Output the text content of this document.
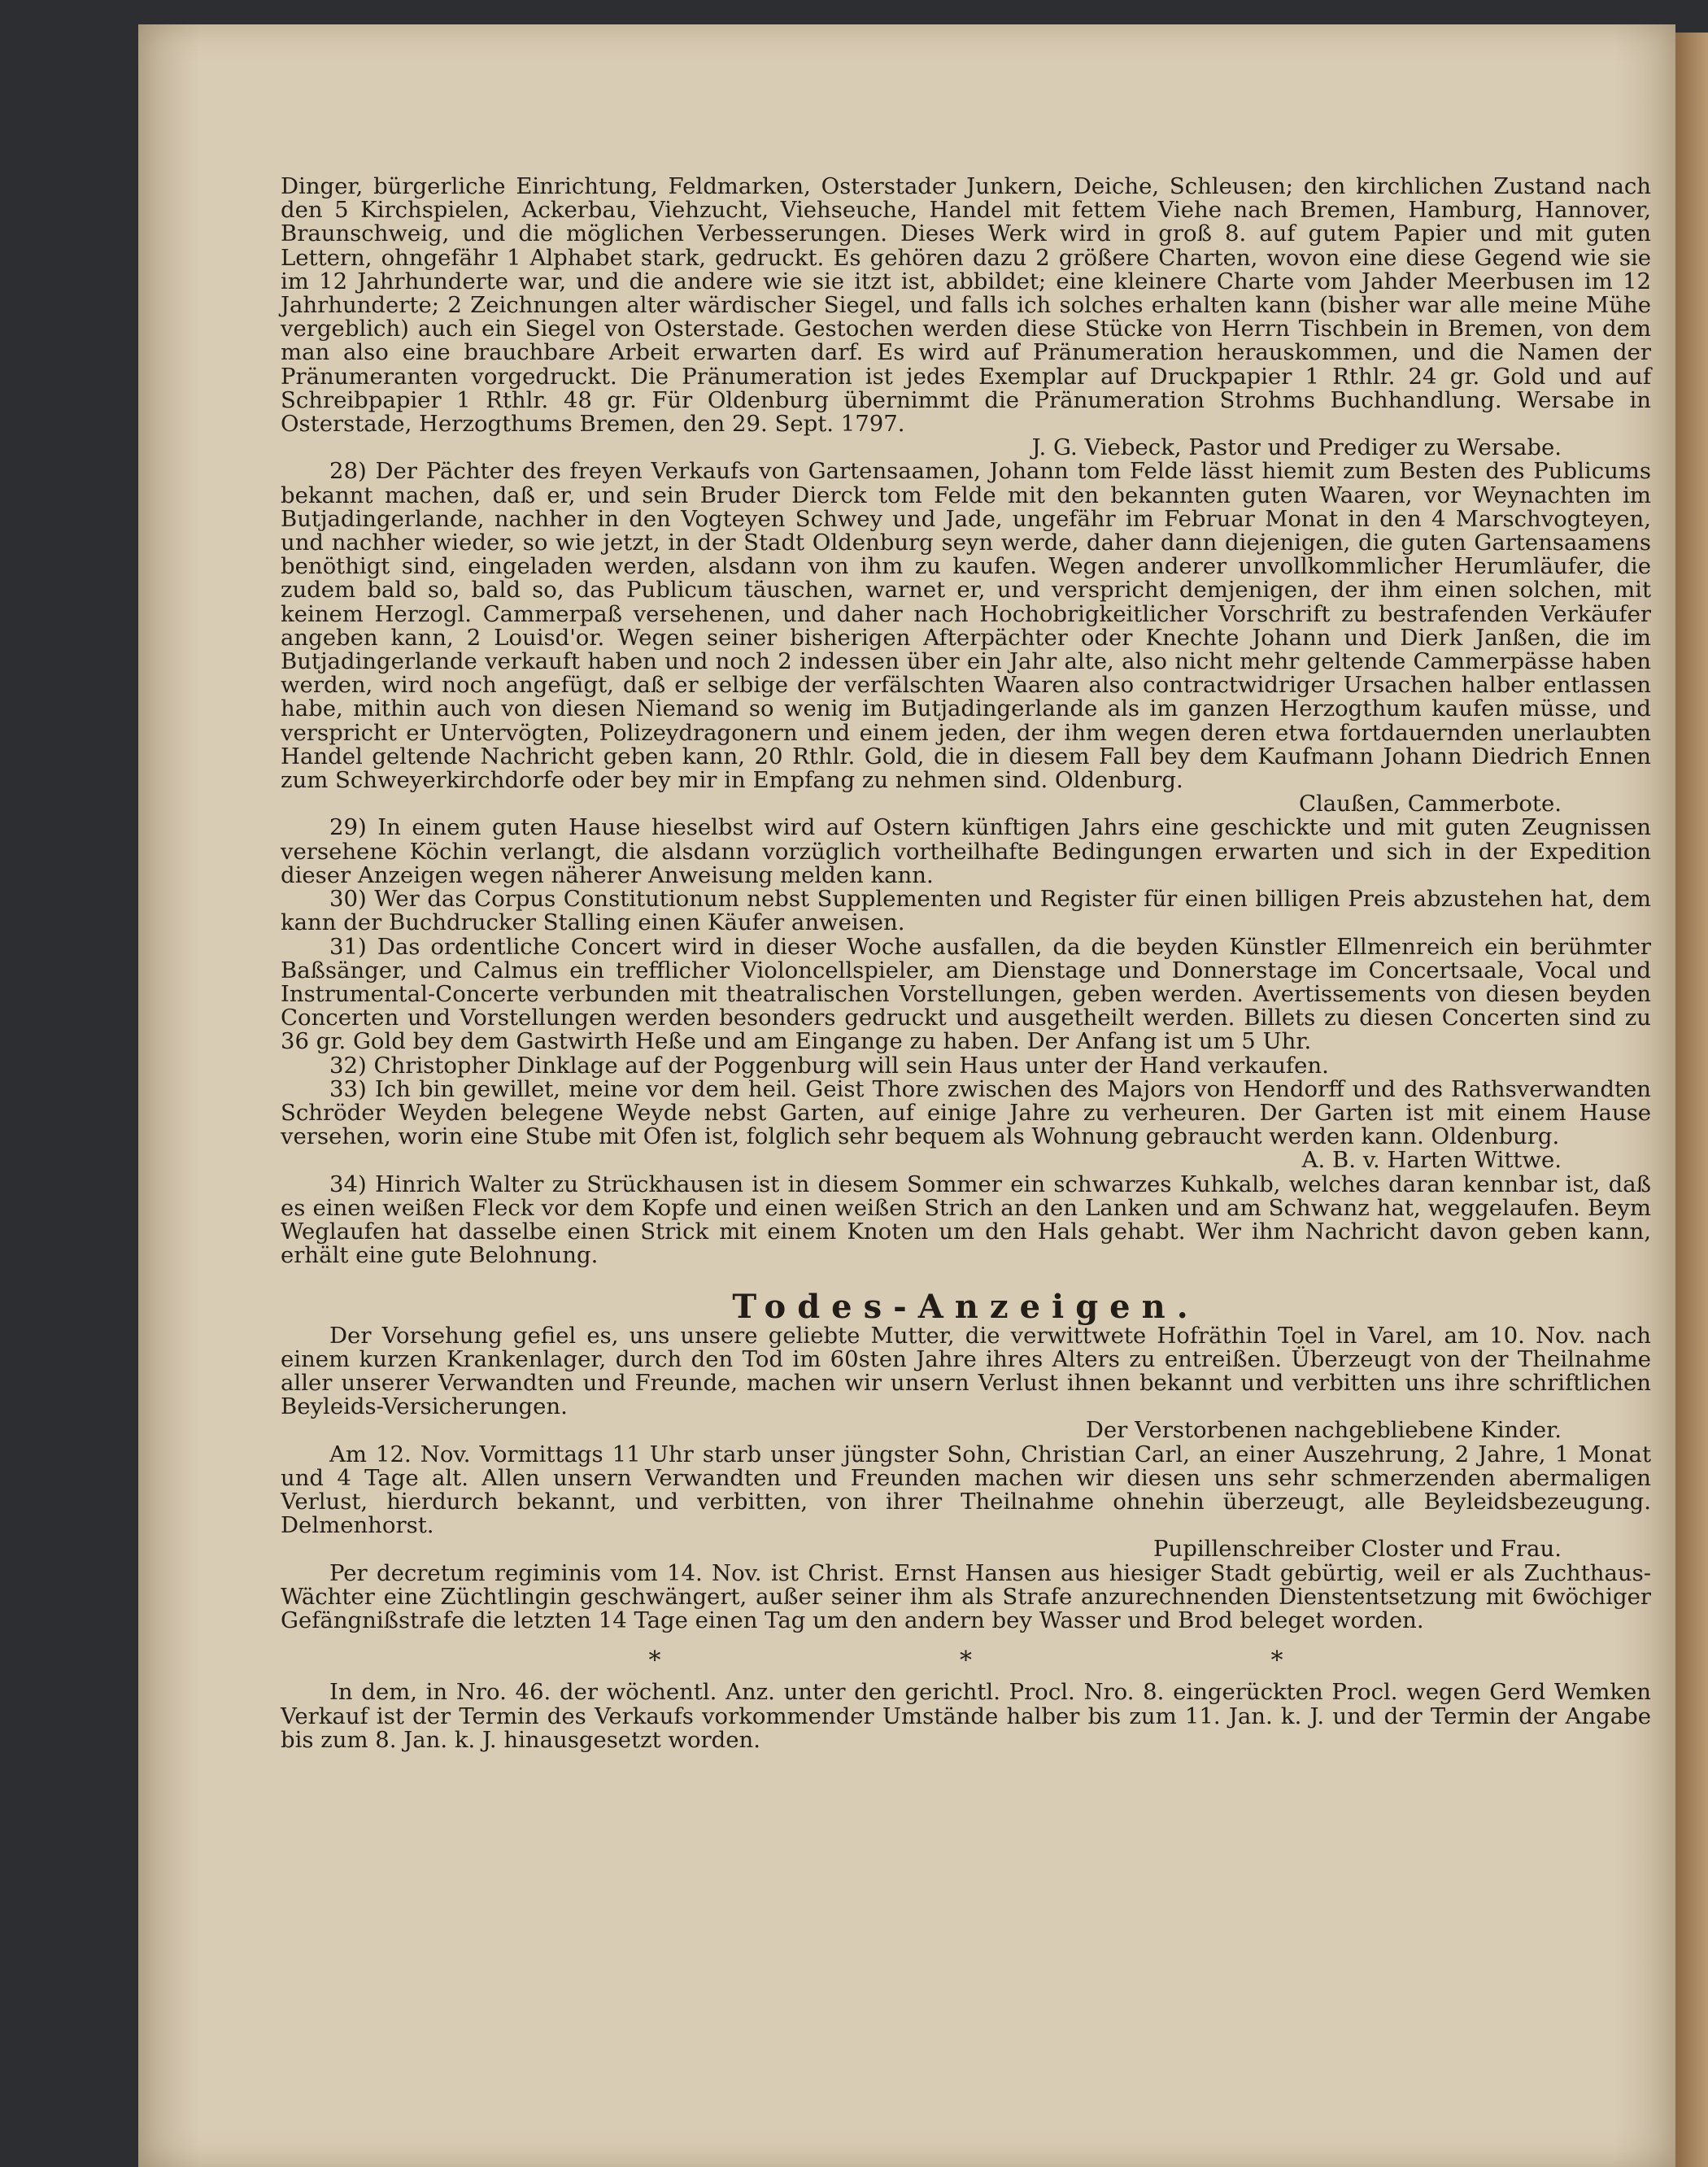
Dinger, bürgerliche Einrichtung, Feldmarken, Osterstader Junkern, Deiche, Schleusen; den kirchlichen Zustand nach den 5 Kirchspielen, Ackerbau, Viehzucht, Viehseuche, Handel mit fettem Viehe nach Bremen, Hamburg, Hannover, Braunschweig, und die möglichen Verbesserungen. Dieses Werk wird in groß 8. auf gutem Papier und mit guten Lettern, ohngefähr 1 Alphabet stark, gedruckt. Es gehören dazu 2 größere Charten, wovon eine diese Gegend wie sie im 12 Jahrhunderte war, und die andere wie sie itzt ist, abbildet; eine kleinere Charte vom Jahder Meerbusen im 12 Jahrhunderte; 2 Zeichnungen alter wärdischer Siegel, und falls ich solches erhalten kann (bisher war alle meine Mühe vergeblich) auch ein Siegel von Osterstade. Gestochen werden diese Stücke von Herrn Tischbein in Bremen, von dem man also eine brauchbare Arbeit erwarten darf. Es wird auf Pränumeration herauskommen, und die Namen der Pränumeranten vorgedruckt. Die Pränumeration ist jedes Exemplar auf Druckpapier 1 Rthlr. 24 gr. Gold und auf Schreibpapier 1 Rthlr. 48 gr. Für Oldenburg übernimmt die Pränumeration Strohms Buchhandlung. Wersabe in Osterstade, Herzogthums Bremen, den 29. Sept. 1797.

J. G. Viebeck, Pastor und Prediger zu Wersabe.

28) Der Pächter des freyen Verkaufs von Gartensaamen, Johann tom Felde lässt hiemit zum Besten des Publicums bekannt machen, daß er, und sein Bruder Dierck tom Felde mit den bekannten guten Waaren, vor Weynachten im Butjadingerlande, nachher in den Vogteyen Schwey und Jade, ungefähr im Februar Monat in den 4 Marschvogteyen, und nachher wieder, so wie jetzt, in der Stadt Oldenburg seyn werde, daher dann diejenigen, die guten Gartensaamens benöthigt sind, eingeladen werden, alsdann von ihm zu kaufen. Wegen anderer unvollkommlicher Herumläufer, die zudem bald so, bald so, das Publicum täuschen, warnet er, und verspricht demjenigen, der ihm einen solchen, mit keinem Herzogl. Cammerpaß versehenen, und daher nach Hochobrigkeitlicher Vorschrift zu bestrafenden Verkäufer angeben kann, 2 Louisd'or. Wegen seiner bisherigen Afterpächter oder Knechte Johann und Dierk Janßen, die im Butjadingerlande verkauft haben und noch 2 indessen über ein Jahr alte, also nicht mehr geltende Cammerpässe haben werden, wird noch angefügt, daß er selbige der verfälschten Waaren also contractwidriger Ursachen halber entlassen habe, mithin auch von diesen Niemand so wenig im Butjadingerlande als im ganzen Herzogthum kaufen müsse, und verspricht er Untervögten, Polizeydragonern und einem jeden, der ihm wegen deren etwa fortdauernden unerlaubten Handel geltende Nachricht geben kann, 20 Rthlr. Gold, die in diesem Fall bey dem Kaufmann Johann Diedrich Ennen zum Schweyerkirchdorfe oder bey mir in Empfang zu nehmen sind. Oldenburg.

Claußen, Cammerbote.

29) In einem guten Hause hieselbst wird auf Ostern künftigen Jahrs eine geschickte und mit guten Zeugnissen versehene Köchin verlangt, die alsdann vorzüglich vortheilhafte Bedingungen erwarten und sich in der Expedition dieser Anzeigen wegen näherer Anweisung melden kann.

30) Wer das Corpus Constitutionum nebst Supplementen und Register für einen billigen Preis abzustehen hat, dem kann der Buchdrucker Stalling einen Käufer anweisen.

31) Das ordentliche Concert wird in dieser Woche ausfallen, da die beyden Künstler Ellmenreich ein berühmter Baßsänger, und Calmus ein trefflicher Violoncellspieler, am Dienstage und Donnerstage im Concertsaale, Vocal und Instrumental-Concerte verbunden mit theatralischen Vorstellungen, geben werden. Avertissements von diesen beyden Concerten und Vorstellungen werden besonders gedruckt und ausgetheilt werden. Billets zu diesen Concerten sind zu 36 gr. Gold bey dem Gastwirth Heße und am Eingange zu haben. Der Anfang ist um 5 Uhr.

32) Christopher Dinklage auf der Poggenburg will sein Haus unter der Hand verkaufen.

33) Ich bin gewillet, meine vor dem heil. Geist Thore zwischen des Majors von Hendorff und des Rathsverwandten Schröder Weyden belegene Weyde nebst Garten, auf einige Jahre zu verheuren. Der Garten ist mit einem Hause versehen, worin eine Stube mit Ofen ist, folglich sehr bequem als Wohnung gebraucht werden kann. Oldenburg.

A. B. v. Harten Wittwe.

34) Hinrich Walter zu Strückhausen ist in diesem Sommer ein schwarzes Kuhkalb, welches daran kennbar ist, daß es einen weißen Fleck vor dem Kopfe und einen weißen Strich an den Lanken und am Schwanz hat, weggelaufen. Beym Weglaufen hat dasselbe einen Strick mit einem Knoten um den Hals gehabt. Wer ihm Nachricht davon geben kann, erhält eine gute Belohnung.

Todes-Anzeigen.

Der Vorsehung gefiel es, uns unsere geliebte Mutter, die verwittwete Hofräthin Toel in Varel, am 10. Nov. nach einem kurzen Krankenlager, durch den Tod im 60sten Jahre ihres Alters zu entreißen. Überzeugt von der Theilnahme aller unserer Verwandten und Freunde, machen wir unsern Verlust ihnen bekannt und verbitten uns ihre schriftlichen Beyleids-Versicherungen.

Der Verstorbenen nachgebliebene Kinder.

Am 12. Nov. Vormittags 11 Uhr starb unser jüngster Sohn, Christian Carl, an einer Auszehrung, 2 Jahre, 1 Monat und 4 Tage alt. Allen unsern Verwandten und Freunden machen wir diesen uns sehr schmerzenden abermaligen Verlust, hierdurch bekannt, und verbitten, von ihrer Theilnahme ohnehin überzeugt, alle Beyleidsbezeugung. Delmenhorst.

Pupillenschreiber Closter und Frau.

Per decretum regiminis vom 14. Nov. ist Christ. Ernst Hansen aus hiesiger Stadt gebürtig, weil er als Zuchthaus-Wächter eine Züchtlingin geschwängert, außer seiner ihm als Strafe anzurechnenden Dienstentsetzung mit 6wöchiger Gefängnißstrafe die letzten 14 Tage einen Tag um den andern bey Wasser und Brod beleget worden.

*	*	*

In dem, in Nro. 46. der wöchentl. Anz. unter den gerichtl. Procl. Nro. 8. eingerückten Procl. wegen Gerd Wemken Verkauf ist der Termin des Verkaufs vorkommender Umstände halber bis zum 11. Jan. k. J. und der Termin der Angabe bis zum 8. Jan. k. J. hinausgesetzt worden.
